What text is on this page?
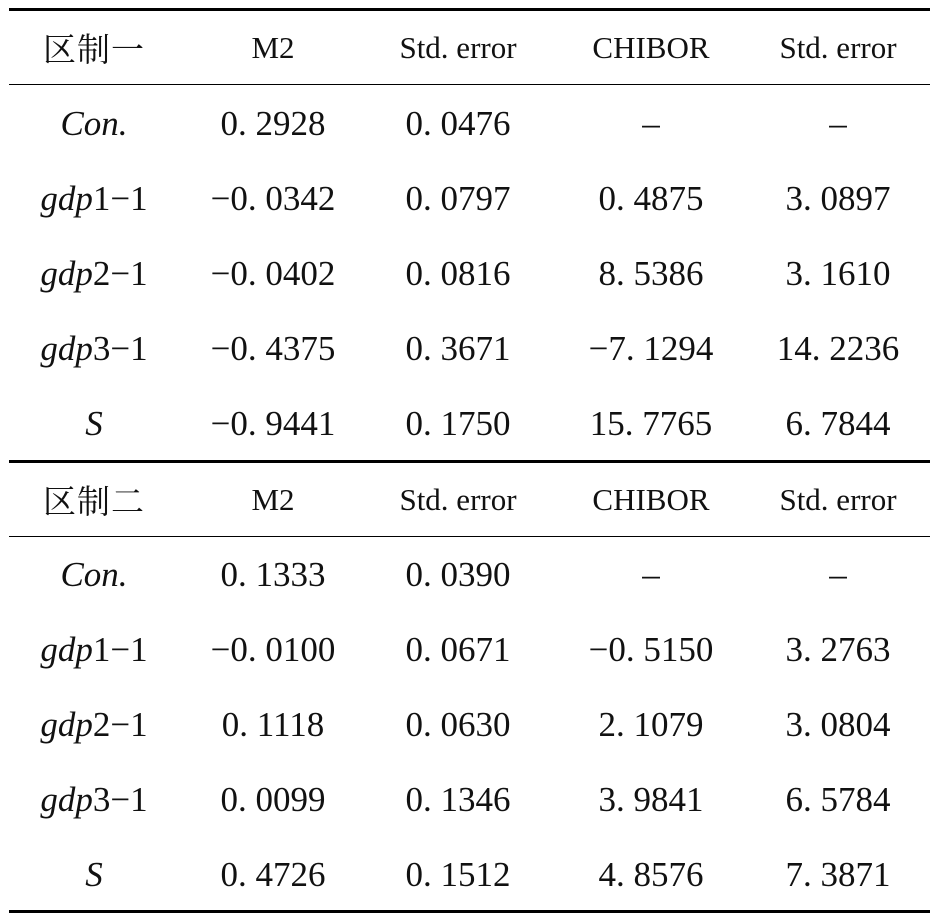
区制一	M2	Std. error	CHIBOR	Std. error
Con.	0. 2928	0. 0476	–	–
gdp 1−1	−0. 0342	0. 0797	0. 4875	3. 0897
gdp 2−1	−0. 0402	0. 0816	8. 5386	3. 1610
gdp 3−1	−0. 4375	0. 3671	−7. 1294	14. 2236
S	−0. 9441	0. 1750	15. 7765	6. 7844
区制二	M2	Std. error	CHIBOR	Std. error
Con.	0. 1333	0. 0390	–	–
gdp 1−1	−0. 0100	0. 0671	−0. 5150	3. 2763
gdp 2−1	0. 1118	0. 0630	2. 1079	3. 0804
gdp 3−1	0. 0099	0. 1346	3. 9841	6. 5784
S	0. 4726	0. 1512	4. 8576	7. 3871
